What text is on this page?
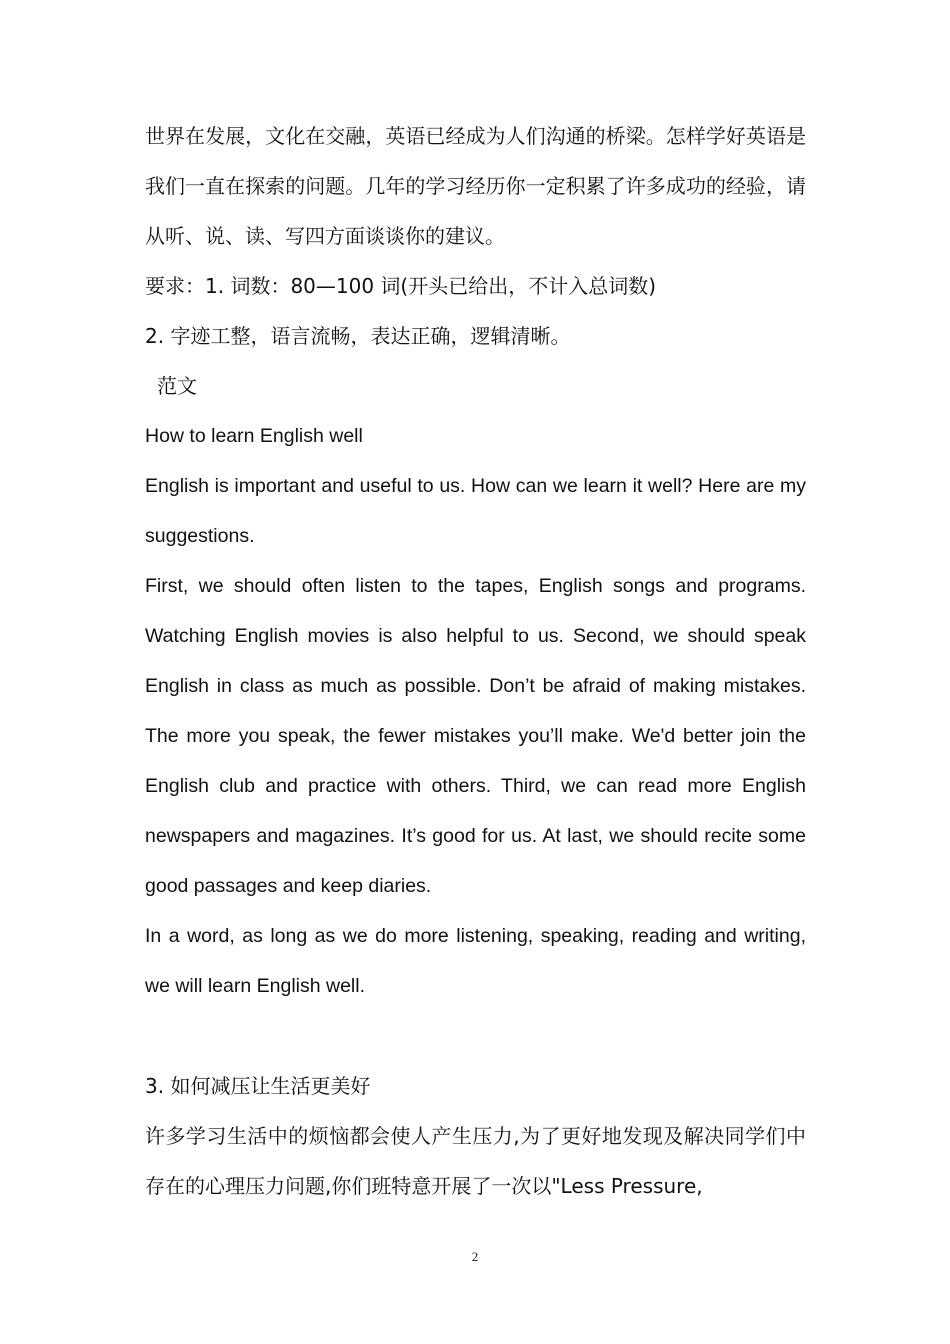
世界在发展，文化在交融，英语已经成为人们沟通的桥梁。怎样学好英语是我们一直在探索的问题。几年的学习经历你一定积累了许多成功的经验，请从听、说、读、写四方面谈谈你的建议。

要求：1. 词数：80—100 词(开头已给出，不计入总词数)

2. 字迹工整，语言流畅，表达正确，逻辑清晰。

范文

How to learn English well

English is important and useful to us. How can we learn it well? Here are my suggestions.

First, we should often listen to the tapes, English songs and programs. Watching English movies is also helpful to us. Second, we should speak English in class as much as possible. Don’t be afraid of making mistakes. The more you speak, the fewer mistakes you’ll make. We'd better join the English club and practice with others. Third, we can read more English newspapers and magazines. It’s good for us. At last, we should recite some good passages and keep diaries.

In a word, as long as we do more listening, speaking, reading and writing, we will learn English well.

3. 如何减压让生活更美好

许多学习生活中的烦恼都会使人产生压力,为了更好地发现及解决同学们中存在的心理压力问题,你们班特意开展了一次以"Less Pressure,

2
